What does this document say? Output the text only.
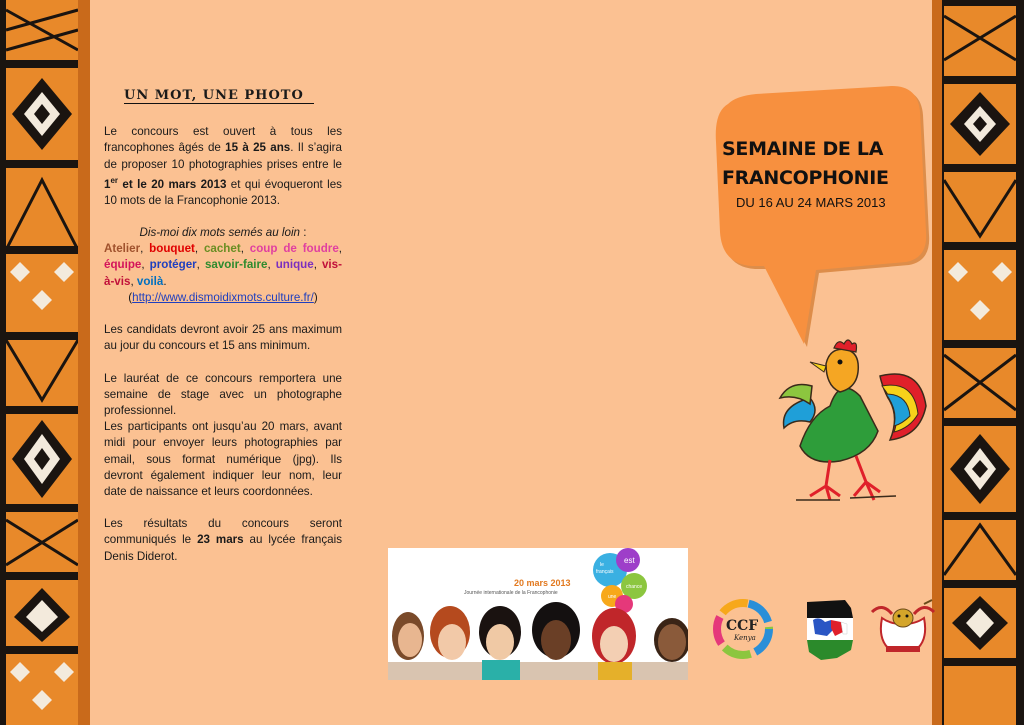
UN MOT, UNE PHOTO

Le concours est ouvert à tous les francophones âgés de 15 à 25 ans. Il s’agira de proposer 10 photographies prises entre le 1er et le 20 mars 2013 et qui évoqueront les 10 mots de la Francophonie 2013.

Dis-moi dix mots semés au loin :

Atelier, bouquet, cachet, coup de foudre, équipe, protéger, savoir-faire, unique, vis-à-vis, voilà.

(http://www.dismoidixmots.culture.fr/)

Les candidats devront avoir 25 ans maximum au jour du concours et 15 ans minimum.

Le lauréat de ce concours remportera une semaine de stage avec un photographe professionnel.

Les participants ont jusqu’au 20 mars, avant midi pour envoyer leurs photographies par email, sous format numérique (jpg). Ils devront également indiquer leur nom, leur date de naissance et leurs coordonnées.

Les résultats du concours seront communiqués le 23 mars au lycée français Denis Diderot.

SEMAINE DE LA
FRANCOPHONIE
DU 16 AU 24 MARS 2013
20 mars 2013
Journée internationale de la Francophonie
le
français
est
une
chance
CCF
Kenya
